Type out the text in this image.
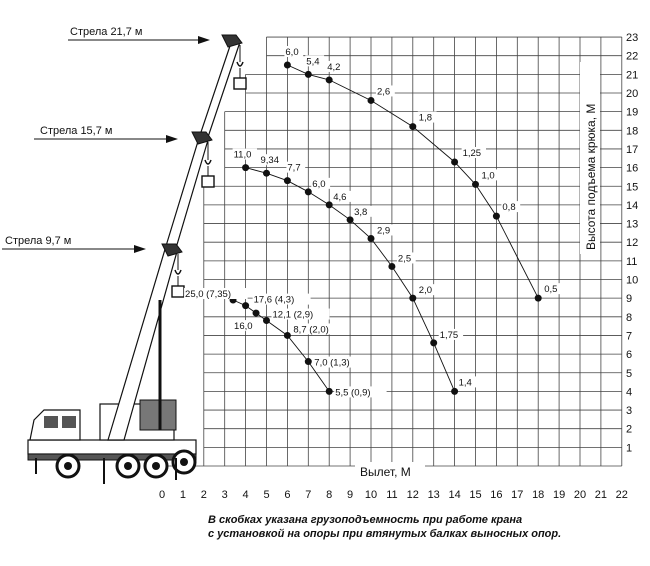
6,0
5,4
4,2
2,6
1,8
1,25
1,0
0,8
0,5
11,0
9,34
7,7
6,0
4,6
3,8
2,9
2,5
2,0
1,75
1,4
25,0 (7,35)
17,6 (4,3)
16,0
12,1 (2,9)
8,7 (2,0)
7,0 (1,3)
5,5 (0,9)
0 1 2 3 4 5 6 7 8 9 10 11 12 13 14 15 16 17 18 19 20 21 22
1
2
3
4
5
6
7
8
9
10
11
12
13
14
15
16
17
18
19
20
21
22
23
Стрела 21,7 м
Стрела 15,7 м
Стрела 9,7 м
Вылет, М
Высота подъема крюка, М
В скобках указана грузоподъемность при работе крана
с установкой на опоры при втянутых балках выносных опор.
